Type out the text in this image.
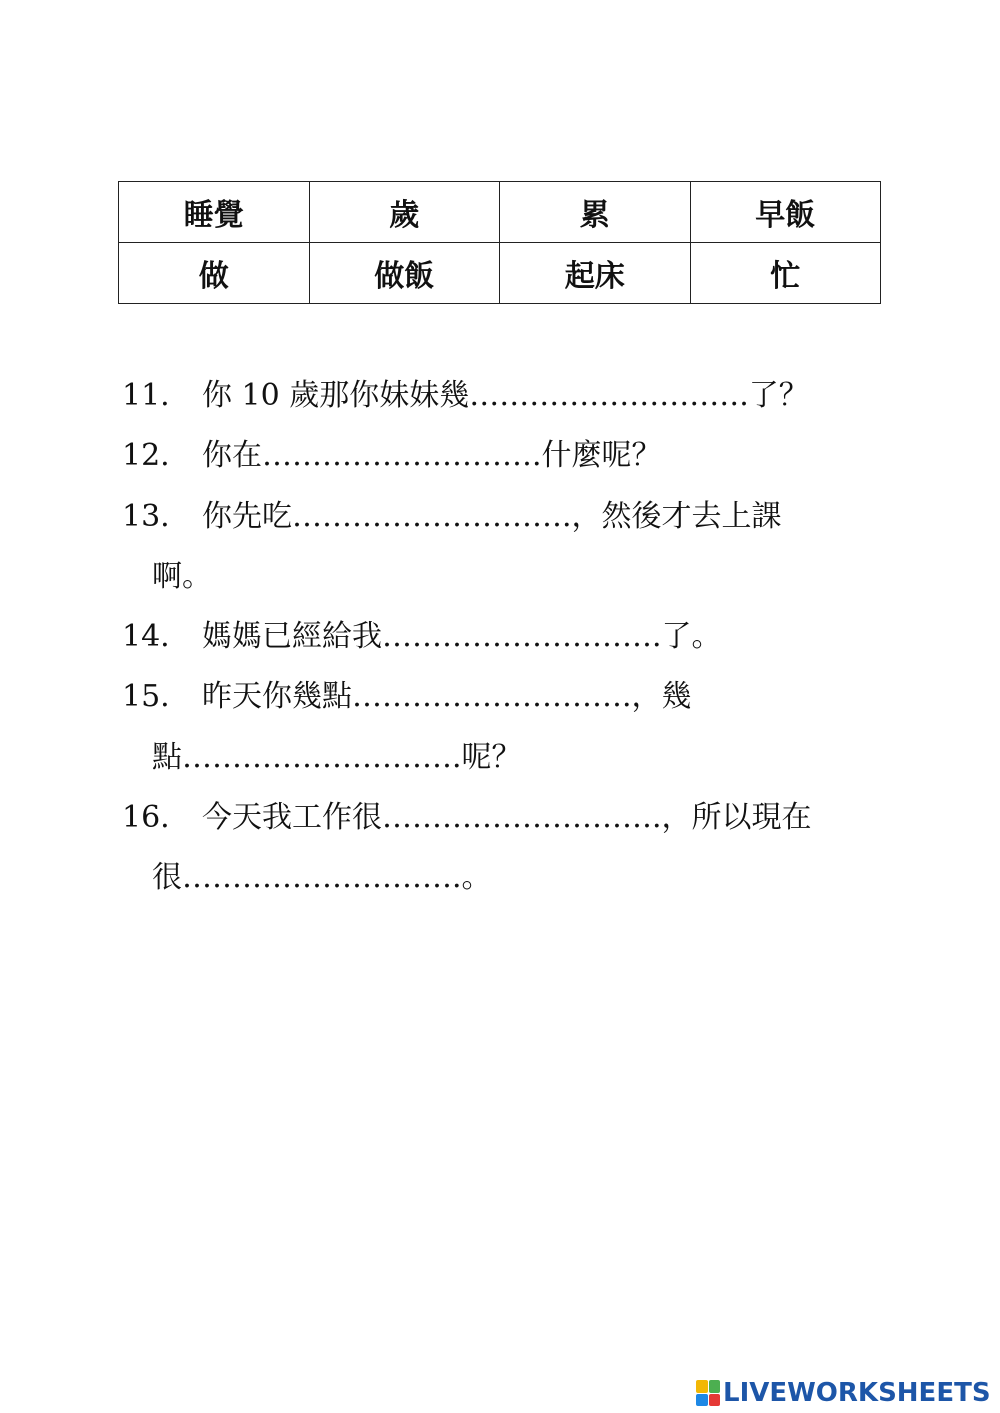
睡覺	歲	累	早飯
做	做飯	起床	忙
11. 你 10 歲那你妹妹幾……………………….了？
12. 你在……………………….什麼呢？
13. 你先吃……………………….，然後才去上課
啊。
14. 媽媽已經給我……………………….了。
15. 昨天你幾點……………………….，幾
點……………………….呢？
16. 今天我工作很……………………….，所以現在
很……………………….。
LIVEWORKSHEETS
